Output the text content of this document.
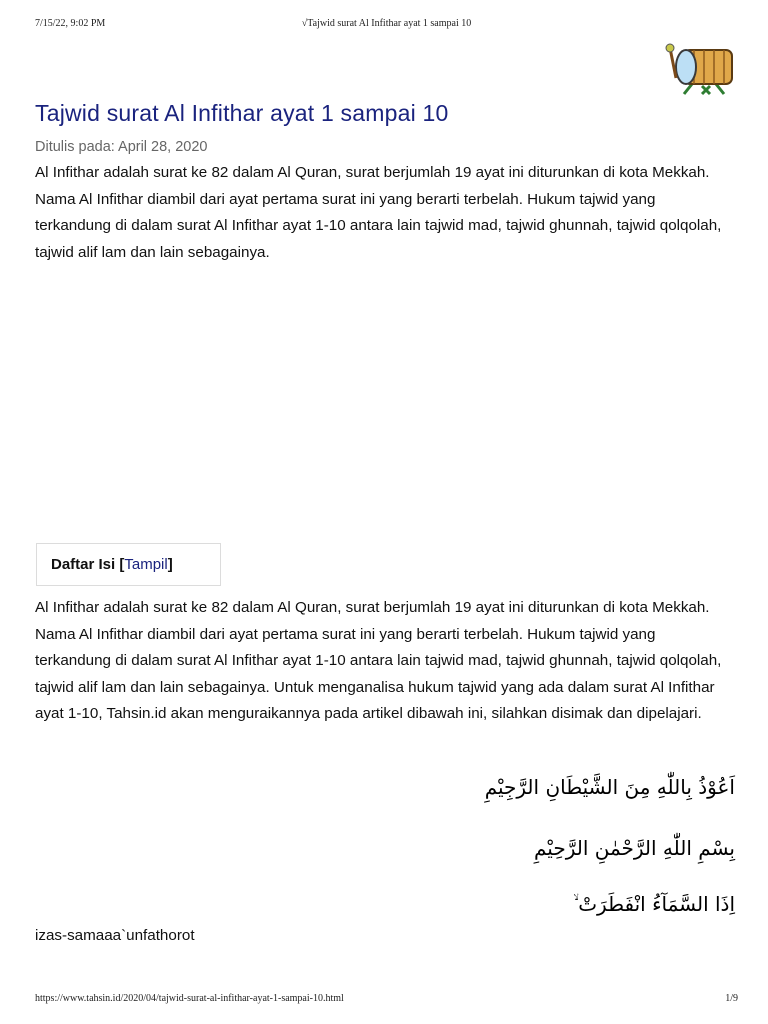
7/15/22, 9:02 PM	√Tajwid surat Al Infithar ayat 1 sampai 10
Tajwid surat Al Infithar ayat 1 sampai 10
Ditulis pada: April 28, 2020

Al Infithar adalah surat ke 82 dalam Al Quran, surat berjumlah 19 ayat ini diturunkan di kota Mekkah. Nama Al Infithar diambil dari ayat pertama surat ini yang berarti terbelah. Hukum tajwid yang terkandung di dalam surat Al Infithar ayat 1-10 antara lain tajwid mad, tajwid ghunnah, tajwid qolqolah, tajwid alif lam dan lain sebagainya.

Daftar Isi
[ Tampil ]

Al Infithar adalah surat ke 82 dalam Al Quran, surat berjumlah 19 ayat ini diturunkan di kota Mekkah. Nama Al Infithar diambil dari ayat pertama surat ini yang berarti terbelah. Hukum tajwid yang terkandung di dalam surat Al Infithar ayat 1-10 antara lain tajwid mad, tajwid ghunnah, tajwid qolqolah, tajwid alif lam dan lain sebagainya. Untuk menganalisa hukum tajwid yang ada dalam surat Al Infithar ayat 1-10, Tahsin.id akan menguraikannya pada artikel dibawah ini, silahkan disimak dan dipelajari.

اَعُوْذُ بِاللّٰهِ مِنَ الشَّيْطَانِ الرَّجِيْمِ
بِسْمِ اللّٰهِ الرَّحْمٰنِ الرَّحِيْمِ
اِذَا السَّمَآءُ انْفَطَرَتْ ۙ
izas-samaaa`unfathorot
https://www.tahsin.id/2020/04/tajwid-surat-al-infithar-ayat-1-sampai-10.html	1/9
